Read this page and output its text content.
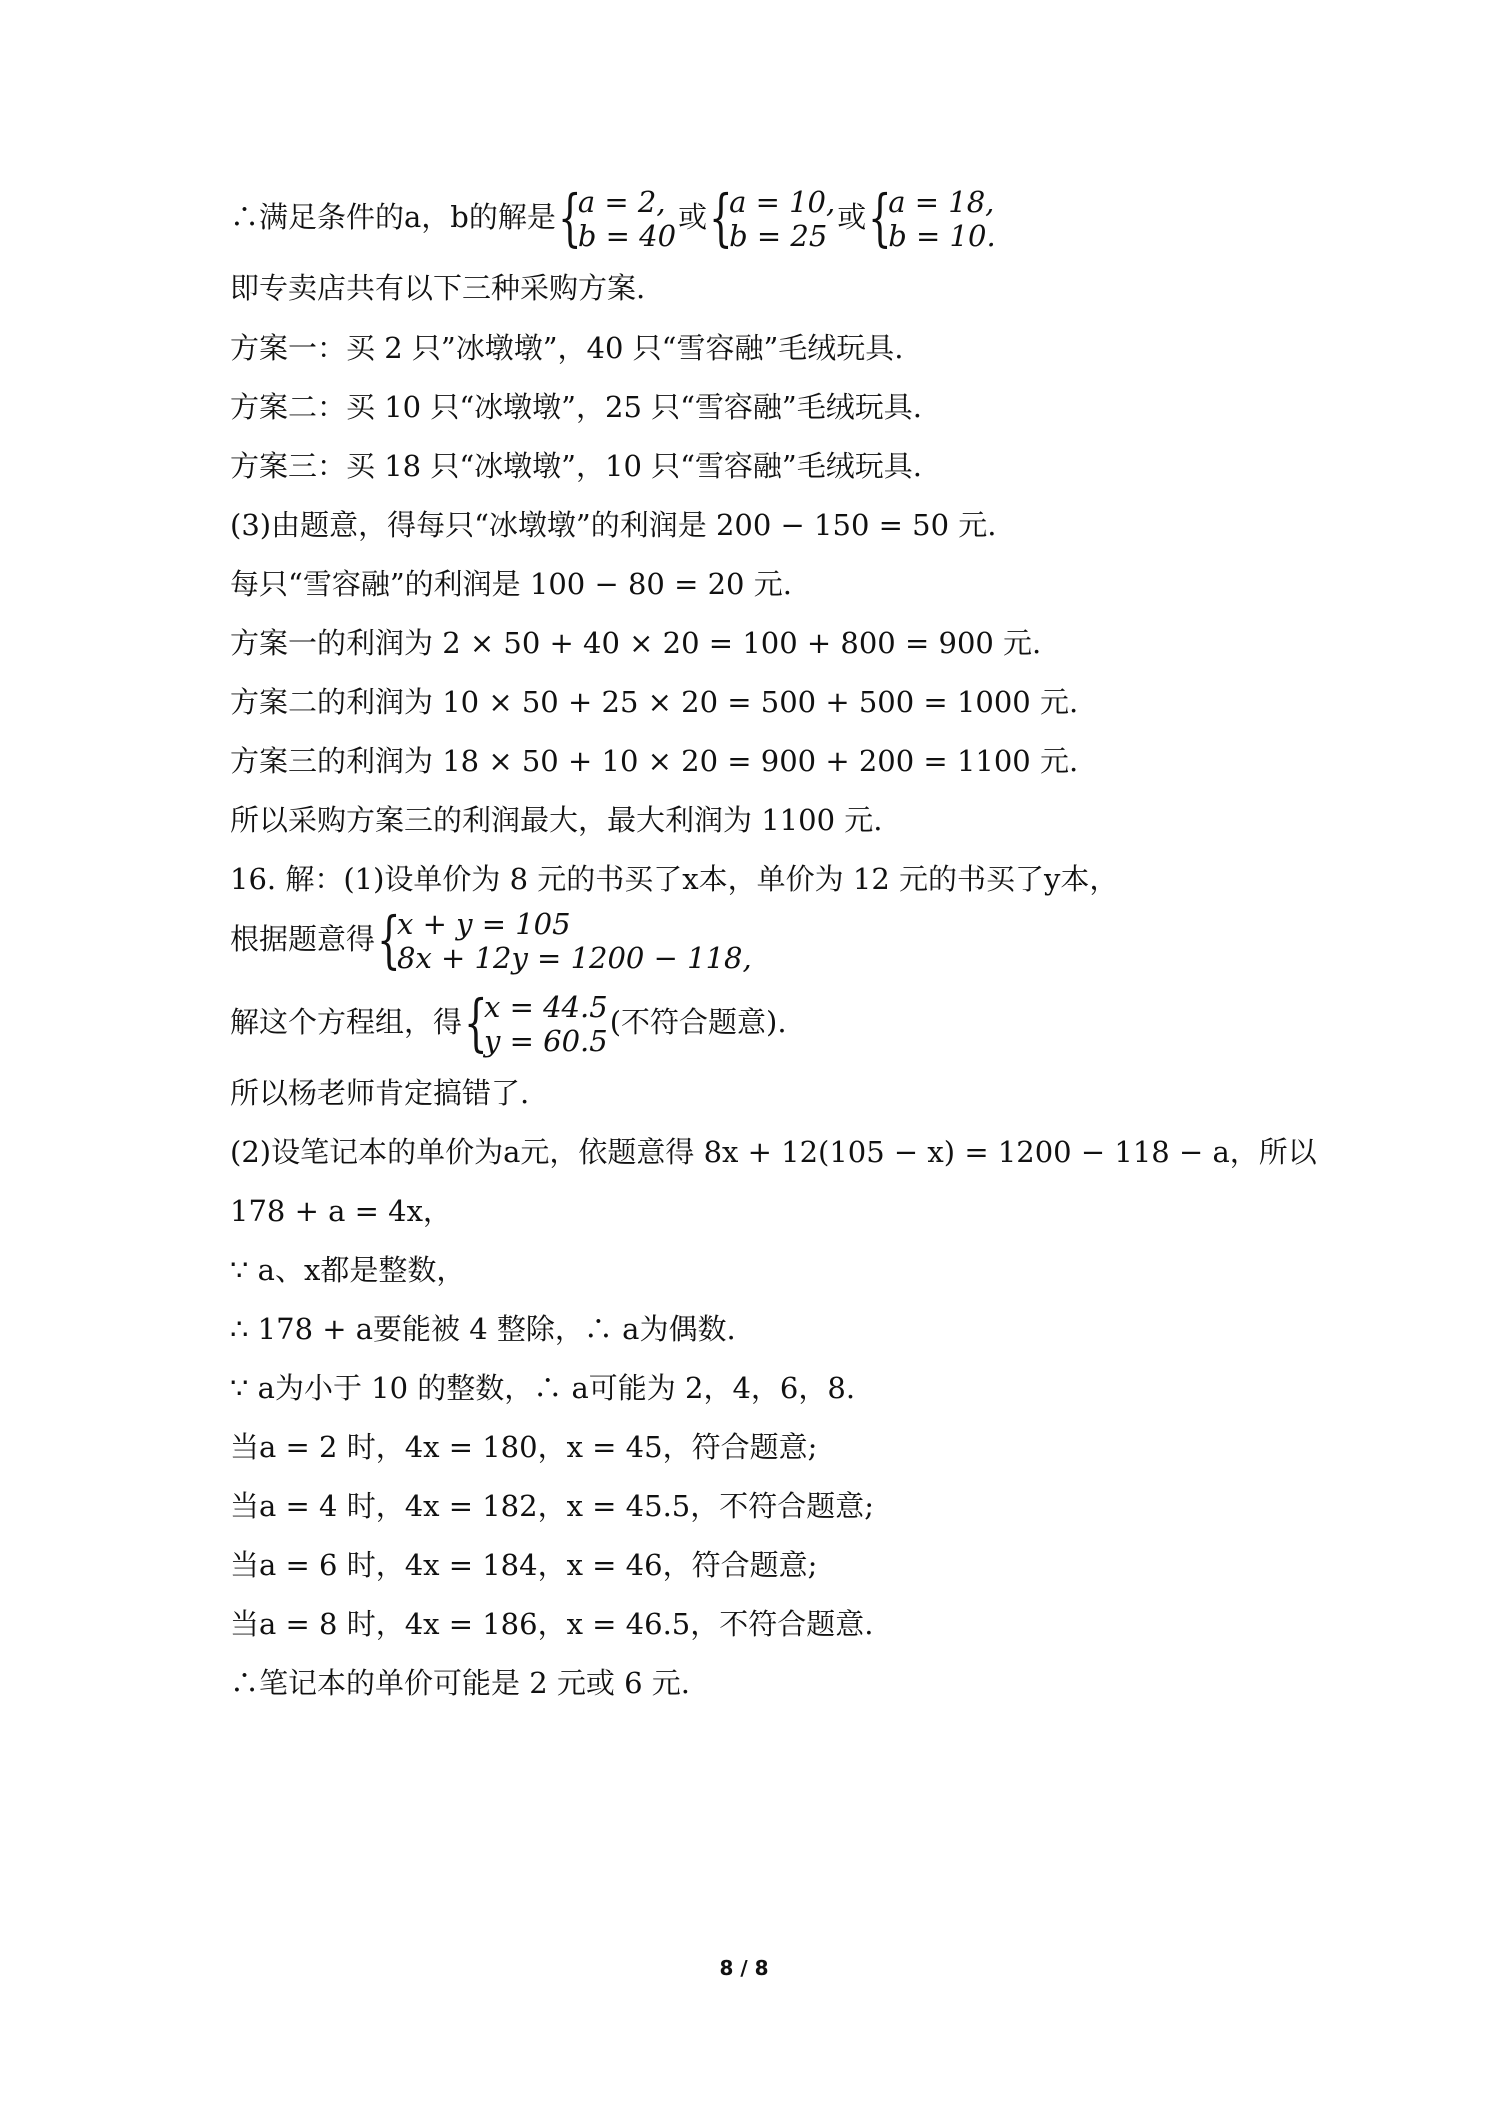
∴满足条件的a，b的解是 {
a = 2,
b = 40
或 {
a = 10,
b = 25
或 {
a = 18,
b = 10.
即专卖店共有以下三种采购方案.
方案一：买 2 只”冰墩墩”，40 只“雪容融”毛绒玩具.
方案二：买 10 只“冰墩墩”，25 只“雪容融”毛绒玩具.
方案三：买 18 只“冰墩墩”，10 只“雪容融”毛绒玩具.
(3)由题意，得每只“冰墩墩”的利润是 200 − 150 = 50 元.
每只“雪容融”的利润是 100 − 80 = 20 元.
方案一的利润为 2 × 50 + 40 × 20 = 100 + 800 = 900 元.
方案二的利润为 10 × 50 + 25 × 20 = 500 + 500 = 1000 元.
方案三的利润为 18 × 50 + 10 × 20 = 900 + 200 = 1100 元.
所以采购方案三的利润最大，最大利润为 1100 元.
16. 解：(1)设单价为 8 元的书买了x本，单价为 12 元的书买了y本，
根据题意得 {
x + y = 105
8x + 12y = 1200 − 118,
解这个方程组，得 {
x = 44.5
y = 60.5
(不符合题意).
所以杨老师肯定搞错了.
(2)设笔记本的单价为a元，依题意得 8x + 12(105 − x) = 1200 − 118 − a，所以
178 + a = 4x，
∵ a、x都是整数，
∴ 178 + a要能被 4 整除，∴ a为偶数.
∵ a为小于 10 的整数，∴ a可能为 2，4，6，8.
当a = 2 时，4x = 180，x = 45，符合题意;
当a = 4 时，4x = 182，x = 45.5，不符合题意;
当a = 6 时，4x = 184，x = 46，符合题意;
当a = 8 时，4x = 186，x = 46.5，不符合题意.
∴笔记本的单价可能是 2 元或 6 元.
8 / 8
